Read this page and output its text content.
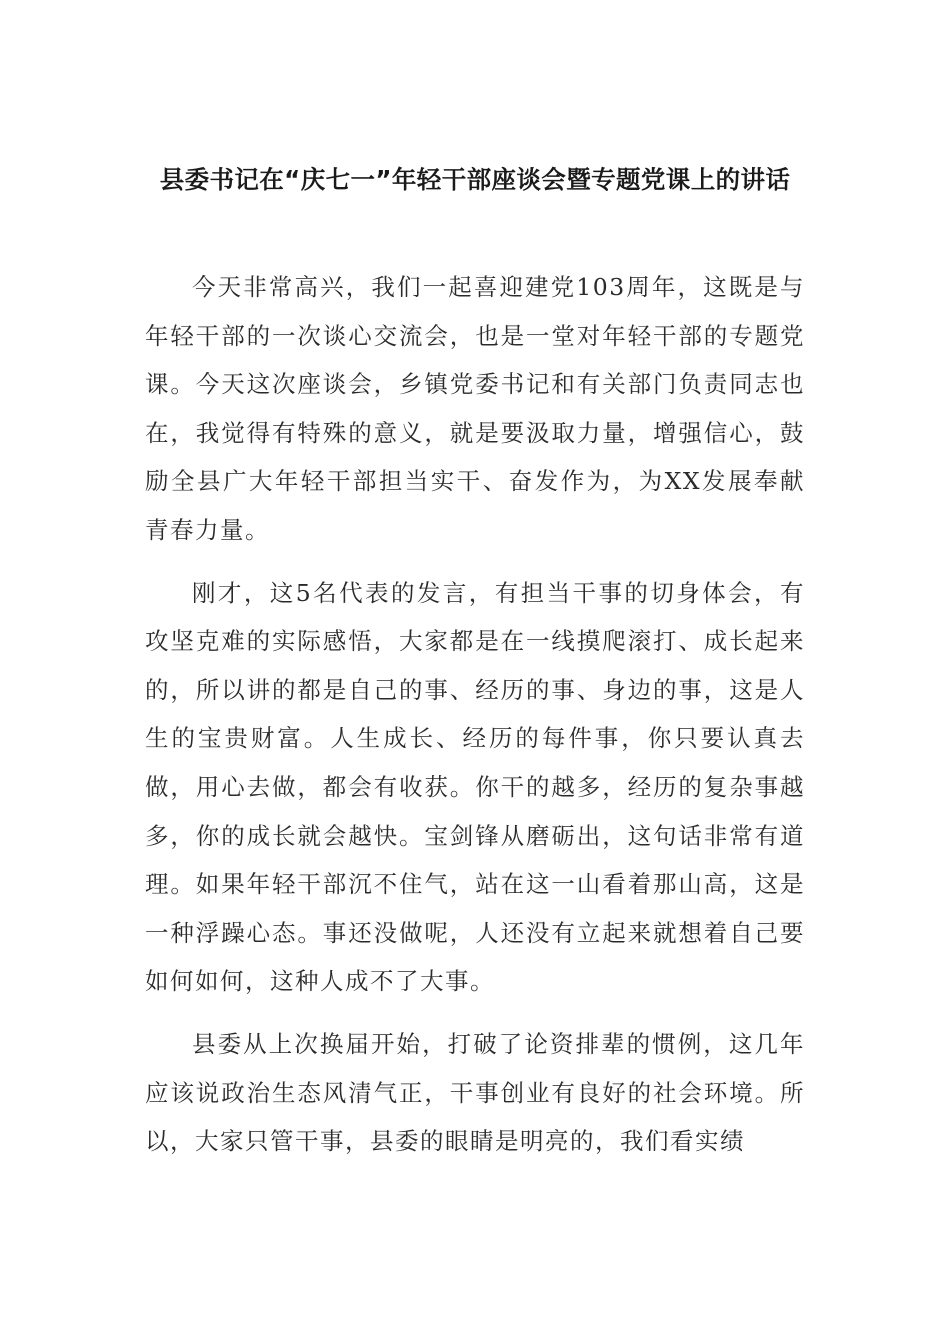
县委书记在“庆七一”年轻干部座谈会暨专题党课上的讲话

今天非常高兴，我们一起喜迎建党103周年，这既是与年轻干部的一次谈心交流会，也是一堂对年轻干部的专题党课。今天这次座谈会，乡镇党委书记和有关部门负责同志也在，我觉得有特殊的意义，就是要汲取力量，增强信心，鼓励全县广大年轻干部担当实干、奋发作为，为XX发展奉献青春力量。

刚才，这5名代表的发言，有担当干事的切身体会，有攻坚克难的实际感悟，大家都是在一线摸爬滚打、成长起来的，所以讲的都是自己的事、经历的事、身边的事，这是人生的宝贵财富。人生成长、经历的每件事，你只要认真去做，用心去做，都会有收获。你干的越多，经历的复杂事越多，你的成长就会越快。宝剑锋从磨砺出，这句话非常有道理。如果年轻干部沉不住气，站在这一山看着那山高，这是一种浮躁心态。事还没做呢，人还没有立起来就想着自己要如何如何，这种人成不了大事。

县委从上次换届开始，打破了论资排辈的惯例，这几年应该说政治生态风清气正，干事创业有良好的社会环境。所以，大家只管干事，县委的眼睛是明亮的，我们看实绩
